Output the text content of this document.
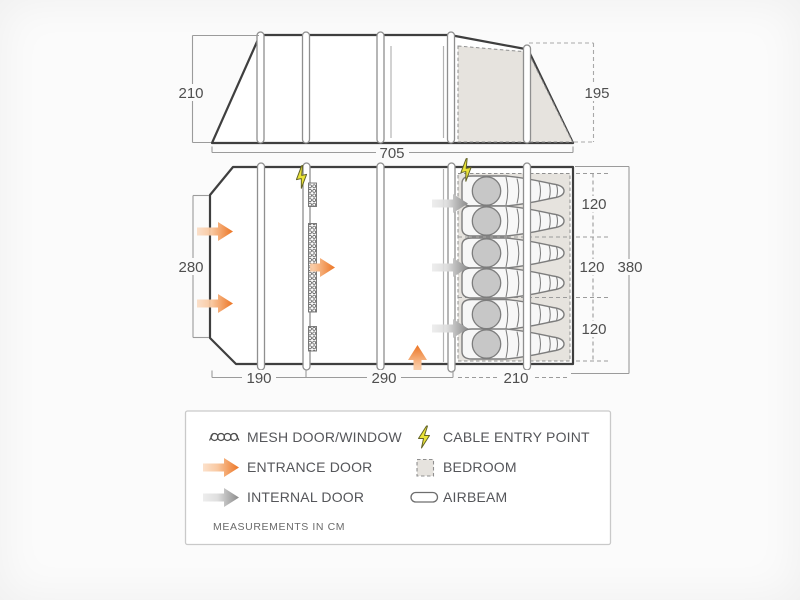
210	195
705
280
190	290	210
120
120
120
380
MESH DOOR/WINDOW	CABLE ENTRY POINT
ENTRANCE DOOR	BEDROOM
INTERNAL DOOR	AIRBEAM
MEASUREMENTS IN CM
